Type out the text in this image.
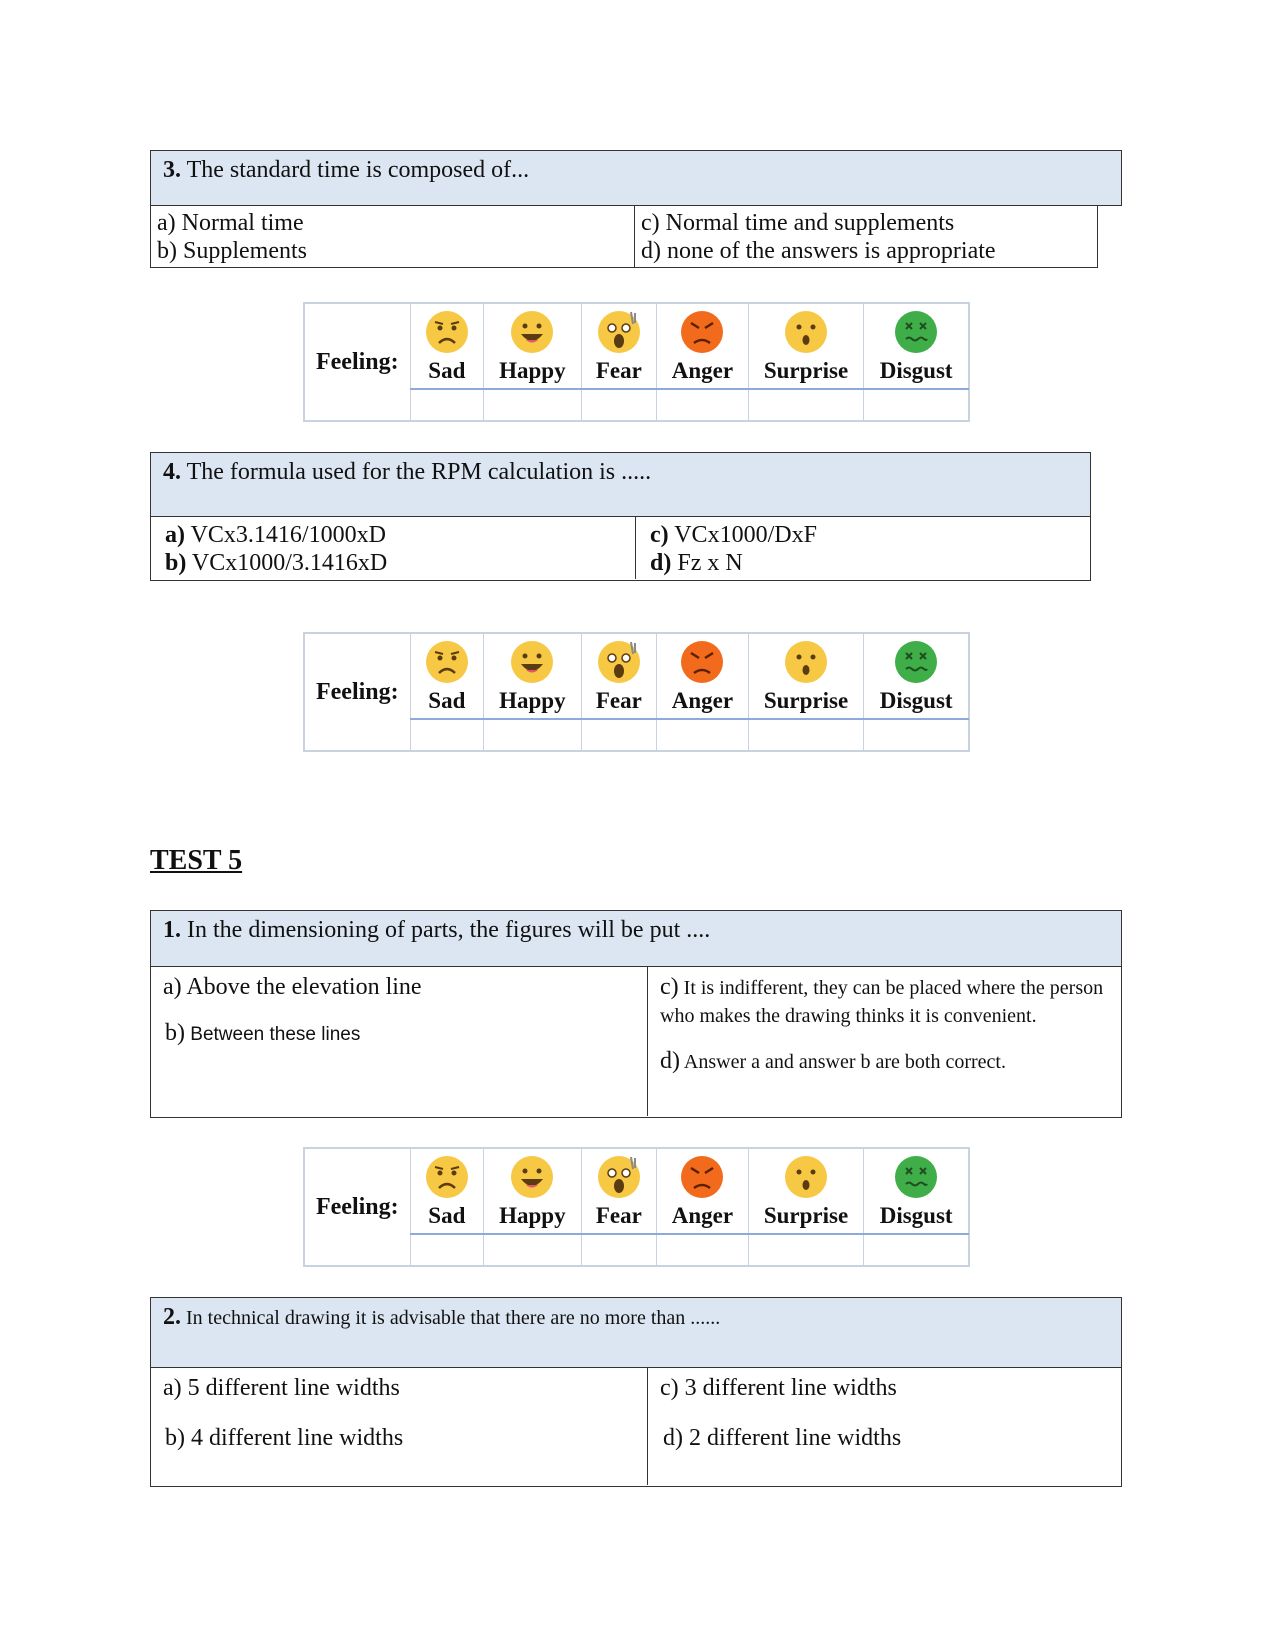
3. The standard time is composed of...
a) Normal time
b) Supplements
c) Normal time and supplements
d) none of the answers is appropriate
Feeling:	Sad	Happy	Fear	Anger	Surprise	Disgust

4. The formula used for the RPM calculation is .....
a) VCx3.1416/1000xD
b) VCx1000/3.1416xD
c) VCx1000/DxF
d) Fz x N
Feeling:	Sad	Happy	Fear	Anger	Surprise	Disgust

TEST 5
1. In the dimensioning of parts, the figures will be put ....
a) Above the elevation line
b) Between these lines
c) It is indifferent, they can be placed where the person who makes the drawing thinks it is convenient.
d) Answer a and answer b are both correct.
Feeling:	Sad	Happy	Fear	Anger	Surprise	Disgust

2. In technical drawing it is advisable that there are no more than ......
a) 5 different line widths
b) 4 different line widths
c) 3 different line widths
d) 2 different line widths
